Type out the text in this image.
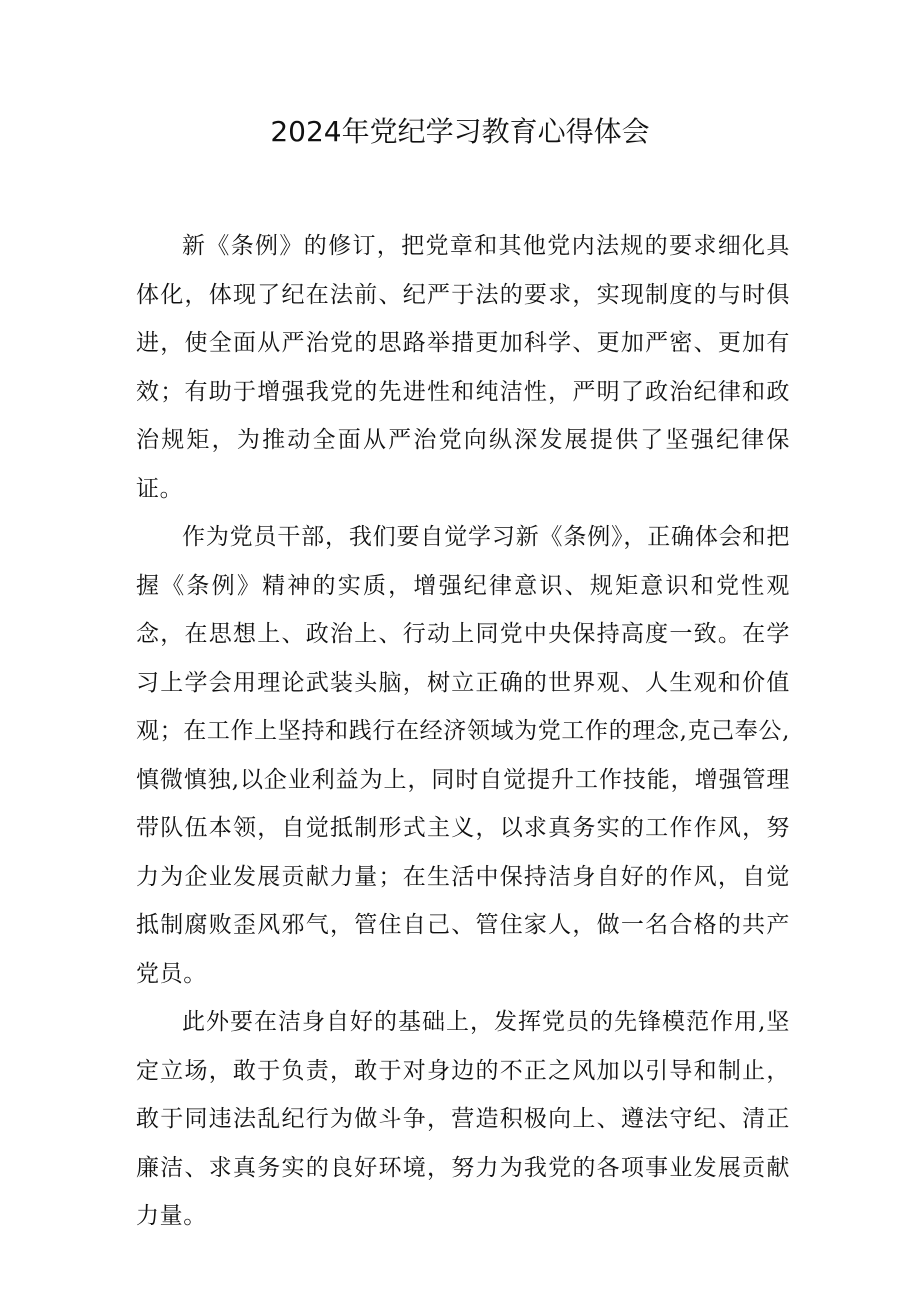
2024年党纪学习教育心得体会

新《条例》的修订，把党章和其他党内法规的要求细化具体化，体现了纪在法前、纪严于法的要求，实现制度的与时俱进，使全面从严治党的思路举措更加科学、更加严密、更加有效；有助于增强我党的先进性和纯洁性，严明了政治纪律和政治规矩，为推动全面从严治党向纵深发展提供了坚强纪律保证。

作为党员干部，我们要自觉学习新《条例》，正确体会和把握《条例》精神的实质，增强纪律意识、规矩意识和党性观念，在思想上、政治上、行动上同党中央保持高度一致。在学习上学会用理论武装头脑，树立正确的世界观、人生观和价值观；在工作上坚持和践行在经济领域为党工作的理念,克己奉公,慎微慎独,以企业利益为上，同时自觉提升工作技能，增强管理带队伍本领，自觉抵制形式主义，以求真务实的工作作风，努力为企业发展贡献力量；在生活中保持洁身自好的作风，自觉抵制腐败歪风邪气，管住自己、管住家人，做一名合格的共产党员。

此外要在洁身自好的基础上，发挥党员的先锋模范作用,坚定立场，敢于负责，敢于对身边的不正之风加以引导和制止，敢于同违法乱纪行为做斗争，营造积极向上、遵法守纪、清正廉洁、求真务实的良好环境，努力为我党的各项事业发展贡献力量。
